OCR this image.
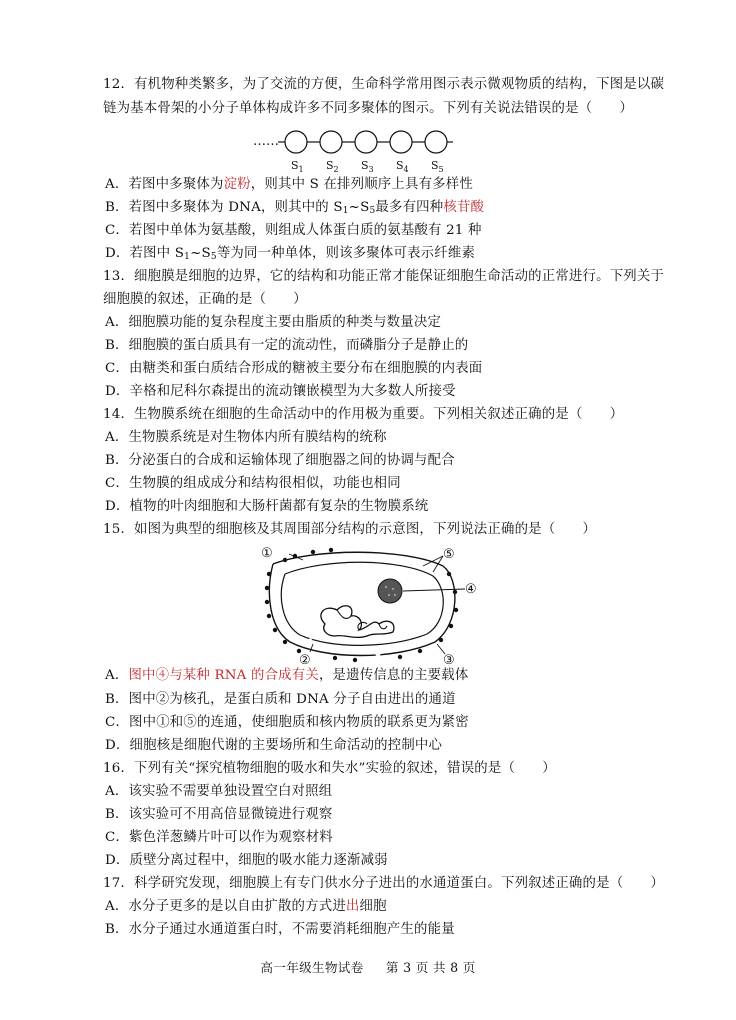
12．有机物种类繁多，为了交流的方便，生命科学常用图示表示微观物质的结构，下图是以碳
链为基本骨架的小分子单体构成许多不同多聚体的图示。下列有关说法错误的是（　　）
……
$S_1$ $S_2$ $S_3$ $S_4$ $S_5$
A．若图中多聚体为淀粉，则其中 S 在排列顺序上具有多样性
B．若图中多聚体为 DNA，则其中的 $S_1\sim S_5$最多有四种核苷酸
C．若图中单体为氨基酸，则组成人体蛋白质的氨基酸有 21 种
D．若图中 $S_1\sim S_5$等为同一种单体，则该多聚体可表示纤维素
13．细胞膜是细胞的边界，它的结构和功能正常才能保证细胞生命活动的正常进行。下列关于
细胞膜的叙述，正确的是（　　）
A．细胞膜功能的复杂程度主要由脂质的种类与数量决定
B．细胞膜的蛋白质具有一定的流动性，而磷脂分子是静止的
C．由糖类和蛋白质结合形成的糖被主要分布在细胞膜的内表面
D．辛格和尼科尔森提出的流动镶嵌模型为大多数人所接受
14．生物膜系统在细胞的生命活动中的作用极为重要。下列相关叙述正确的是（　　）
A．生物膜系统是对生物体内所有膜结构的统称
B．分泌蛋白的合成和运输体现了细胞器之间的协调与配合
C．生物膜的组成成分和结构很相似，功能也相同
D．植物的叶肉细胞和大肠杆菌都有复杂的生物膜系统
15．如图为典型的细胞核及其周围部分结构的示意图，下列说法正确的是（　　）
①
②	③
④
⑤
A．图中④与某种 RNA 的合成有关，是遗传信息的主要载体
B．图中②为核孔，是蛋白质和 DNA 分子自由进出的通道
C．图中①和⑤的连通，使细胞质和核内物质的联系更为紧密
D．细胞核是细胞代谢的主要场所和生命活动的控制中心
16．下列有关“探究植物细胞的吸水和失水”实验的叙述，错误的是（　　）
A．该实验不需要单独设置空白对照组
B．该实验可不用高倍显微镜进行观察
C．紫色洋葱鳞片叶可以作为观察材料
D．质壁分离过程中，细胞的吸水能力逐渐减弱
17．科学研究发现，细胞膜上有专门供水分子进出的水通道蛋白。下列叙述正确的是（　　）
A．水分子更多的是以自由扩散的方式进出细胞
B．水分子通过水通道蛋白时，不需要消耗细胞产生的能量
高一年级生物试卷 第 3 页 共 8 页
